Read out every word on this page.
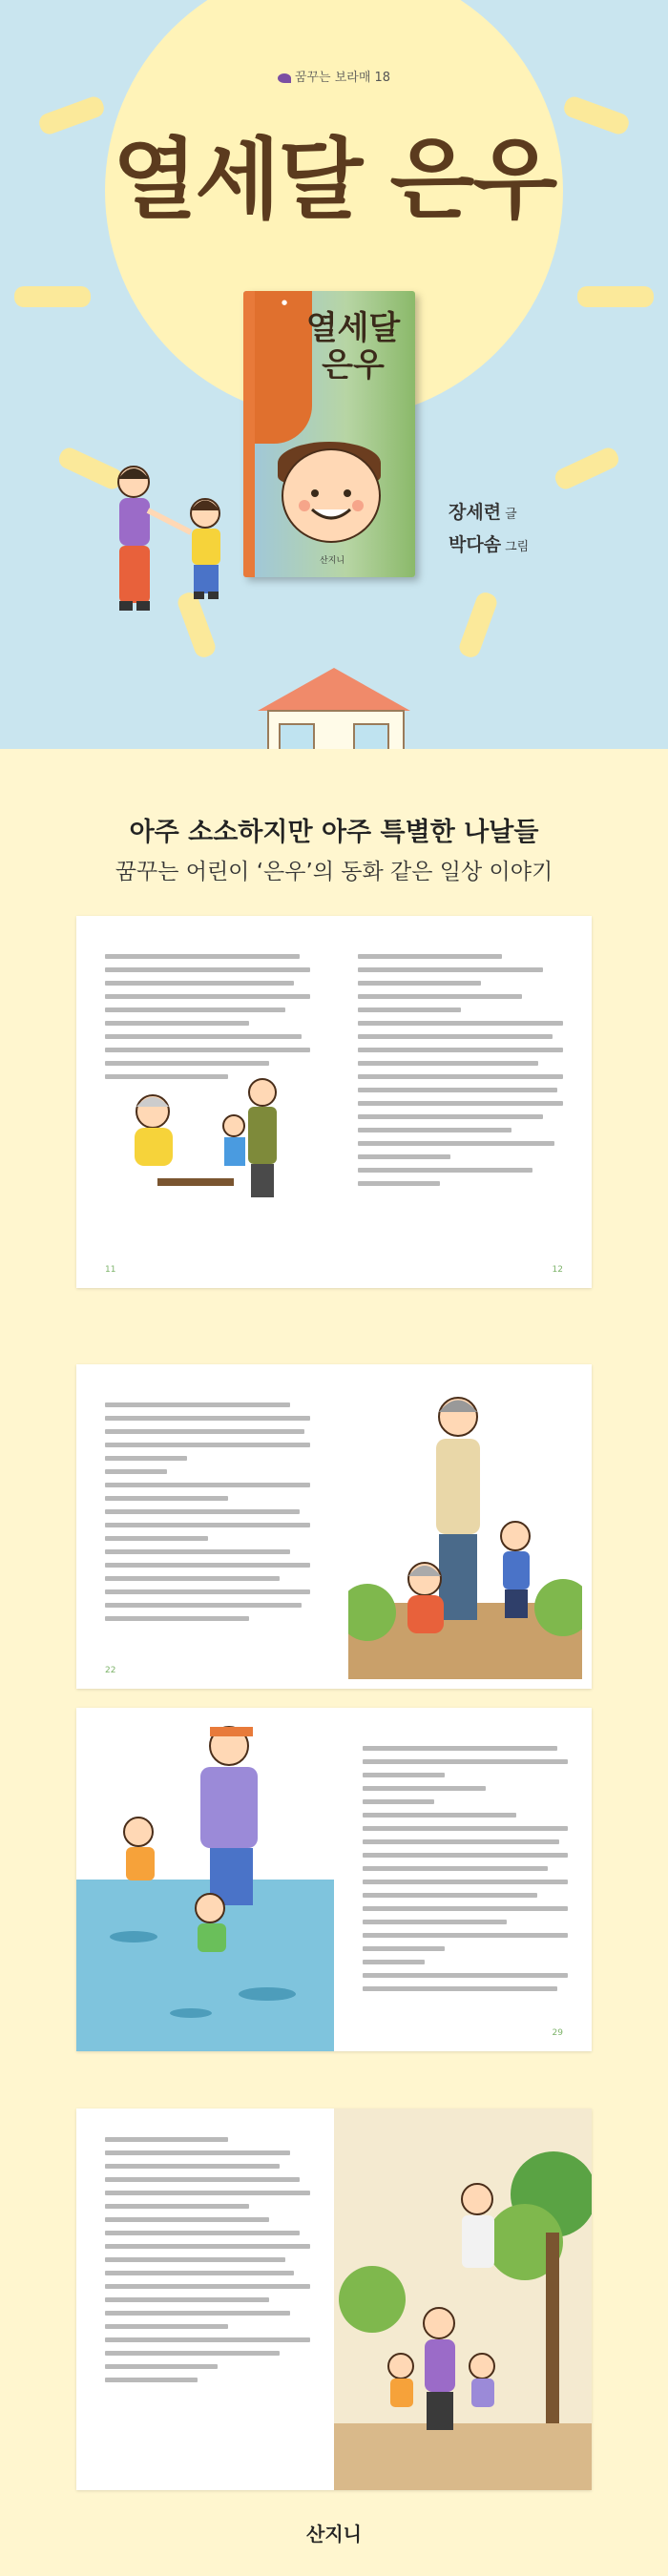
꿈꾸는 보라매 18
열세달 은우
●
열세달 은우
산지니
장세련 글
박다솜 그림
아주 소소하지만 아주 특별한 나날들
꿈꾸는 어린이 ‘은우’의 동화 같은 일상 이야기
11	12
22
29
산지니
